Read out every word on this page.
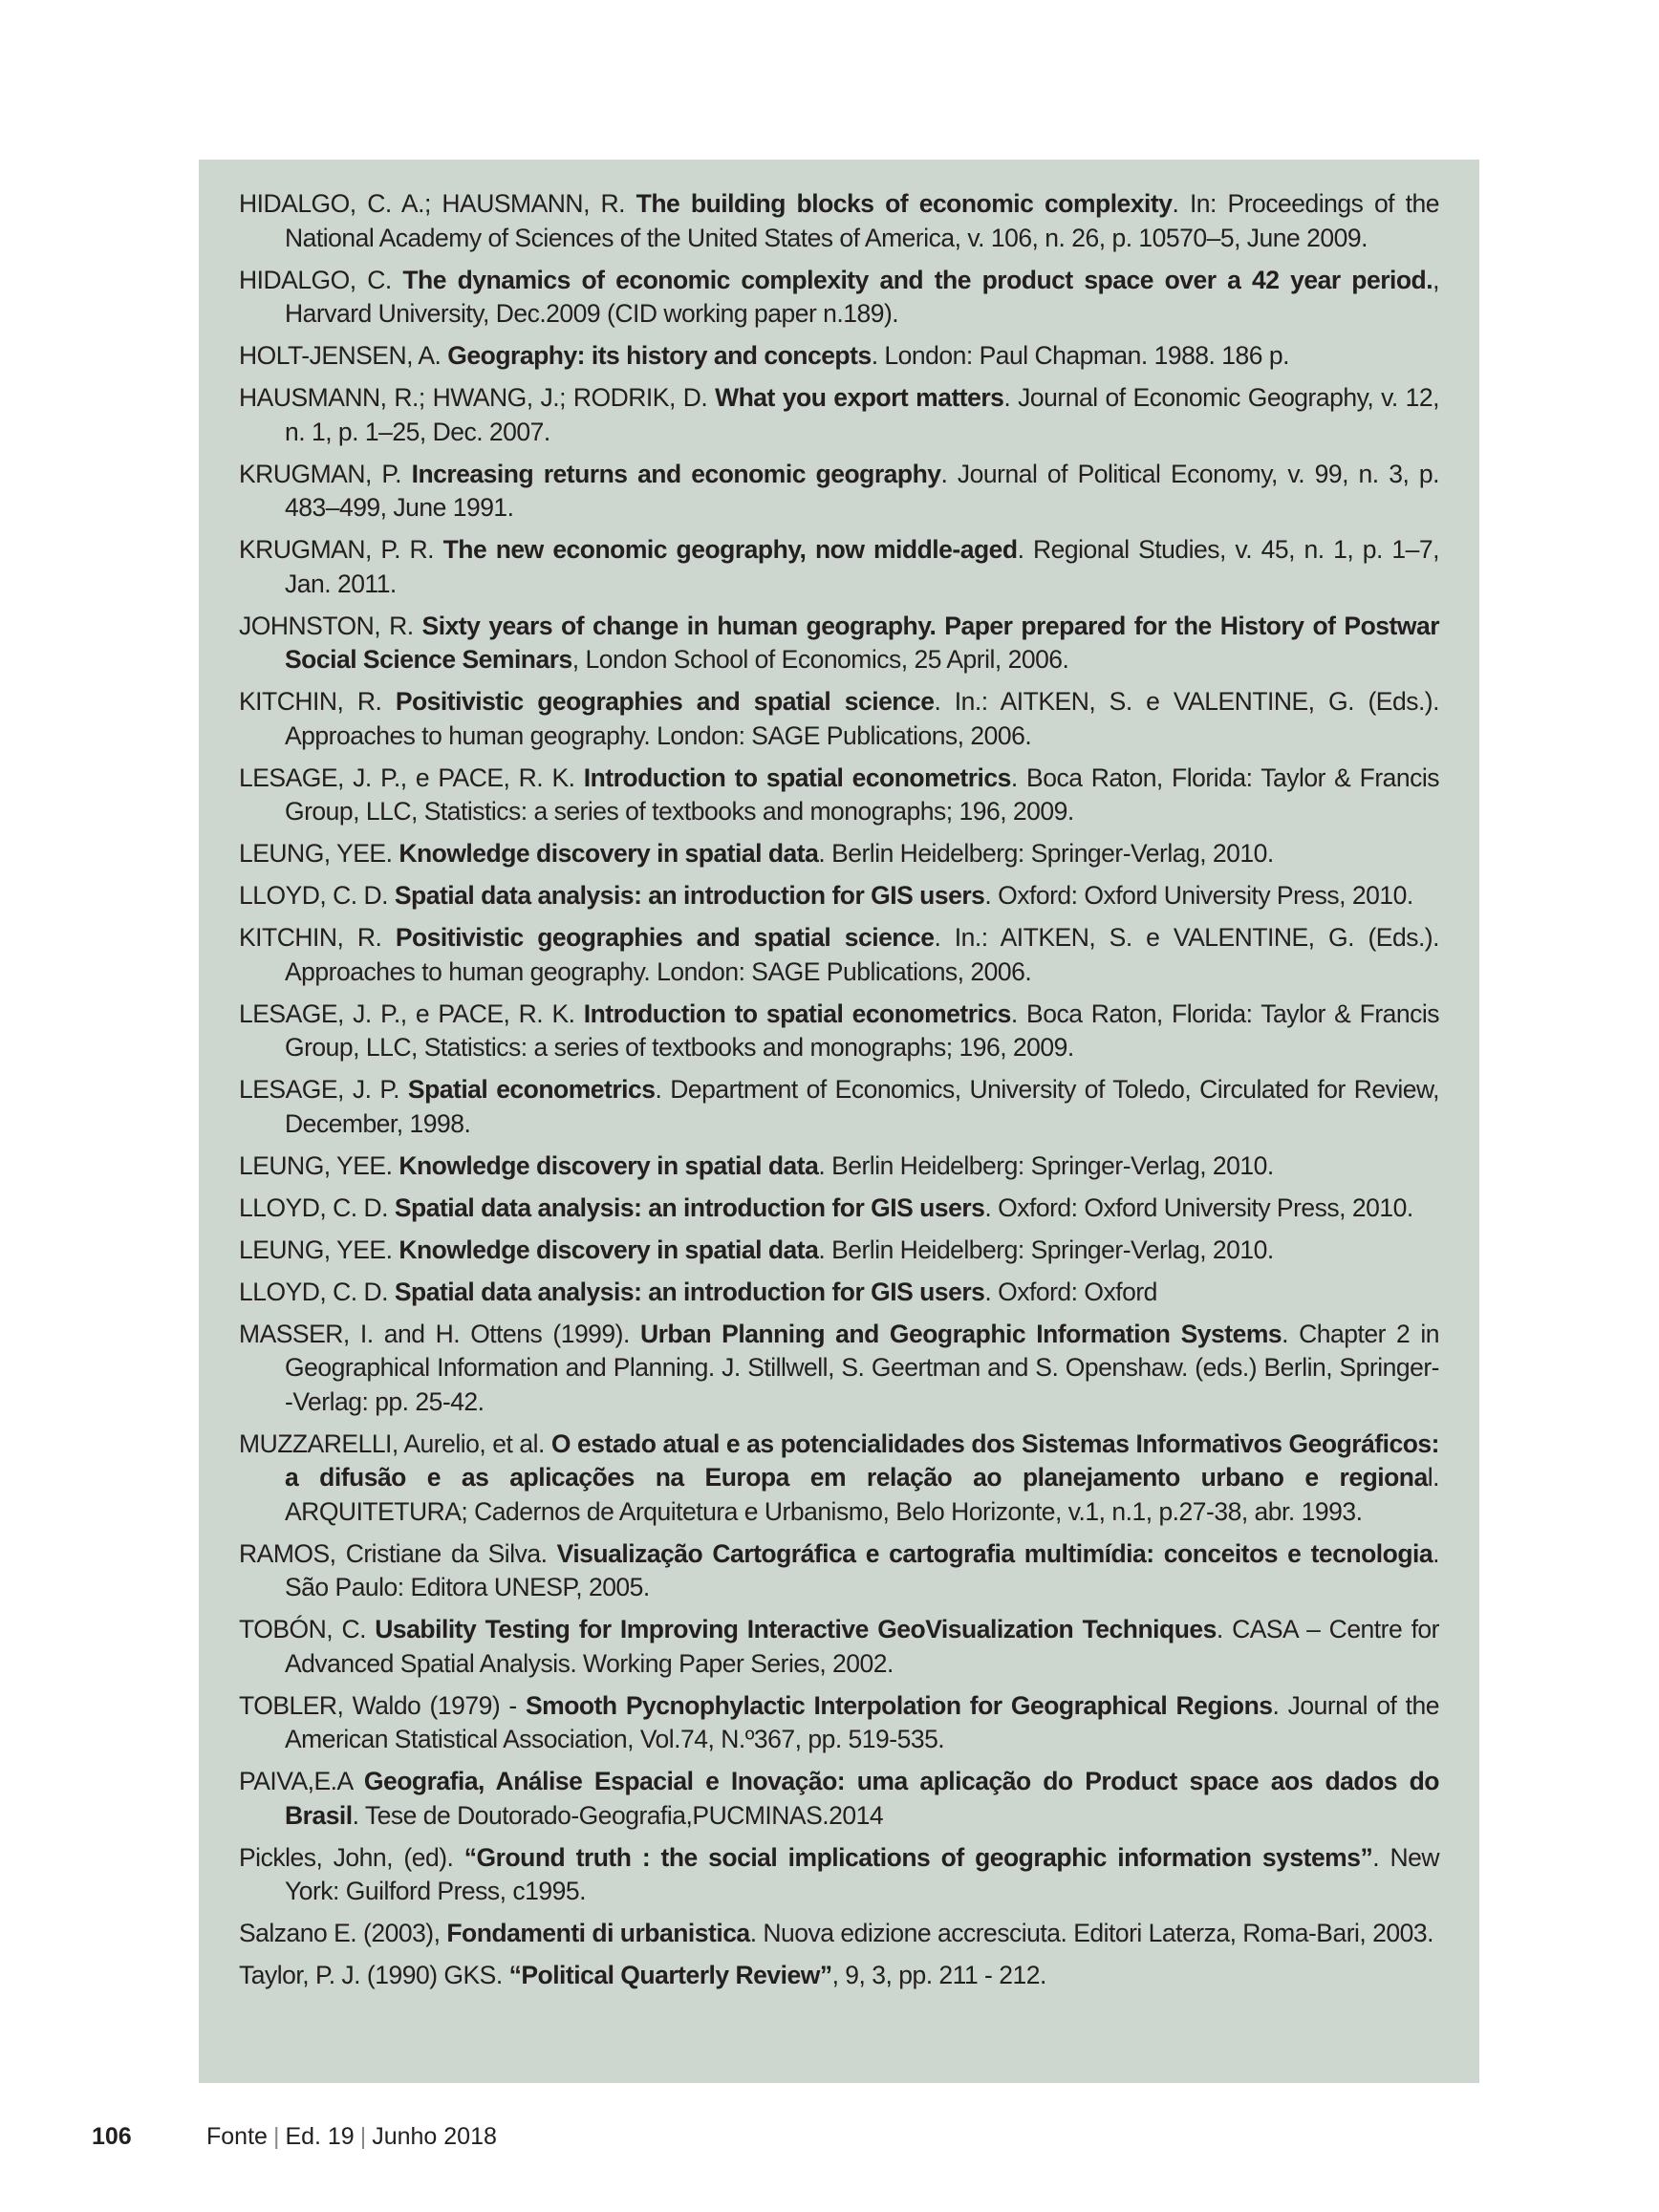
HIDALGO, C. A.; HAUSMANN, R. The building blocks of economic complexity. In: Proceedings of the National Academy of Sciences of the United States of America, v. 106, n. 26, p. 10570–5, June 2009.

HIDALGO, C. The dynamics of economic complexity and the product space over a 42 year period., Harvard University, Dec.2009 (CID working paper n.189).

HOLT-JENSEN, A. Geography: its history and concepts. London: Paul Chapman. 1988. 186 p.

HAUSMANN, R.; HWANG, J.; RODRIK, D. What you export matters. Journal of Economic Geography, v. 12, n. 1, p. 1–25, Dec. 2007.

KRUGMAN, P. Increasing returns and economic geography. Journal of Political Economy, v. 99, n. 3, p. 483–499, June 1991.

KRUGMAN, P. R. The new economic geography, now middle-aged. Regional Studies, v. 45, n. 1, p. 1–7, Jan. 2011.

JOHNSTON, R. Sixty years of change in human geography. Paper prepared for the History of Postwar Social Science Seminars, London School of Economics, 25 April, 2006.

KITCHIN, R. Positivistic geographies and spatial science. In.: AITKEN, S. e VALENTINE, G. (Eds.). Approaches to human geography. London: SAGE Publications, 2006.

LESAGE, J. P., e PACE, R. K. Introduction to spatial econometrics. Boca Raton, Florida: Taylor & Francis Group, LLC, Statistics: a series of textbooks and monographs; 196, 2009.

LEUNG, YEE. Knowledge discovery in spatial data. Berlin Heidelberg: Springer-Verlag, 2010.

LLOYD, C. D. Spatial data analysis: an introduction for GIS users. Oxford: Oxford University Press, 2010.

KITCHIN, R. Positivistic geographies and spatial science. In.: AITKEN, S. e VALENTINE, G. (Eds.). Approaches to human geography. London: SAGE Publications, 2006.

LESAGE, J. P., e PACE, R. K. Introduction to spatial econometrics. Boca Raton, Florida: Taylor & Francis Group, LLC, Statistics: a series of textbooks and monographs; 196, 2009.

LESAGE, J. P. Spatial econometrics. Department of Economics, University of Toledo, Circulated for Review, December, 1998.

LEUNG, YEE. Knowledge discovery in spatial data. Berlin Heidelberg: Springer-Verlag, 2010.

LLOYD, C. D. Spatial data analysis: an introduction for GIS users. Oxford: Oxford University Press, 2010.

LEUNG, YEE. Knowledge discovery in spatial data. Berlin Heidelberg: Springer-Verlag, 2010.

LLOYD, C. D. Spatial data analysis: an introduction for GIS users. Oxford: Oxford

MASSER, I. and H. Ottens (1999). Urban Planning and Geographic Information Systems. Chapter 2 in Geographical Information and Planning. J. Stillwell, S. Geertman and S. Openshaw. (eds.) Berlin, Springer--Verlag: pp. 25-42.

MUZZARELLI, Aurelio, et al. O estado atual e as potencialidades dos Sistemas Informativos Geográficos: a difusão e as aplicações na Europa em relação ao planejamento urbano e regional. ARQUITETURA; Cadernos de Arquitetura e Urbanismo, Belo Horizonte, v.1, n.1, p.27-38, abr. 1993.

RAMOS, Cristiane da Silva. Visualização Cartográfica e cartografia multimídia: conceitos e tecnologia. São Paulo: Editora UNESP, 2005.

TOBÓN, C. Usability Testing for Improving Interactive GeoVisualization Techniques. CASA – Centre for Advanced Spatial Analysis. Working Paper Series, 2002.

TOBLER, Waldo (1979) - Smooth Pycnophylactic Interpolation for Geographical Regions. Journal of the American Statistical Association, Vol.74, N.º367, pp. 519-535.

PAIVA,E.A Geografia, Análise Espacial e Inovação: uma aplicação do Product space aos dados do Brasil. Tese de Doutorado-Geografia,PUCMINAS.2014

Pickles, John, (ed). “Ground truth : the social implications of geographic information systems”. New York: Guilford Press, c1995.

Salzano E. (2003), Fondamenti di urbanistica. Nuova edizione accresciuta. Editori Laterza, Roma-Bari, 2003.

Taylor, P. J. (1990) GKS. “Political Quarterly Review”, 9, 3, pp. 211 - 212.

106	Fonte | Ed. 19 | Junho 2018
